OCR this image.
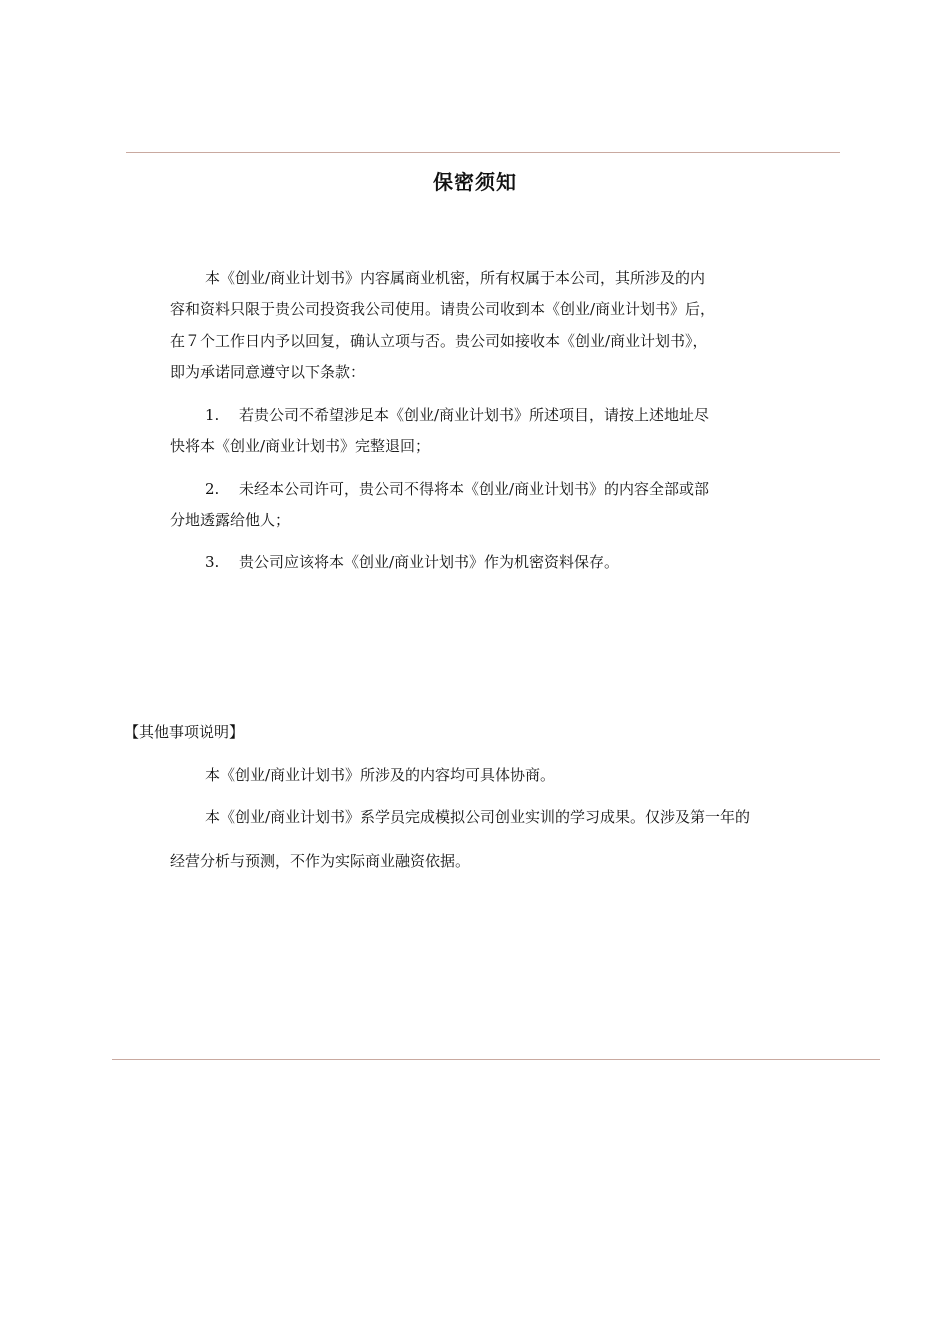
保密须知
本《创业/商业计划书》内容属商业机密，所有权属于本公司，其所涉及的内
容和资料只限于贵公司投资我公司使用。请贵公司收到本《创业/商业计划书》后，
在７个工作日内予以回复，确认立项与否。贵公司如接收本《创业/商业计划书》，
即为承诺同意遵守以下条款：
1. 若贵公司不希望涉足本《创业/商业计划书》所述项目，请按上述地址尽
快将本《创业/商业计划书》完整退回；
2. 未经本公司许可，贵公司不得将本《创业/商业计划书》的内容全部或部
分地透露给他人；
3. 贵公司应该将本《创业/商业计划书》作为机密资料保存。
【其他事项说明】
本《创业/商业计划书》所涉及的内容均可具体协商。
本《创业/商业计划书》系学员完成模拟公司创业实训的学习成果。仅涉及第一年的
经营分析与预测，不作为实际商业融资依据。
